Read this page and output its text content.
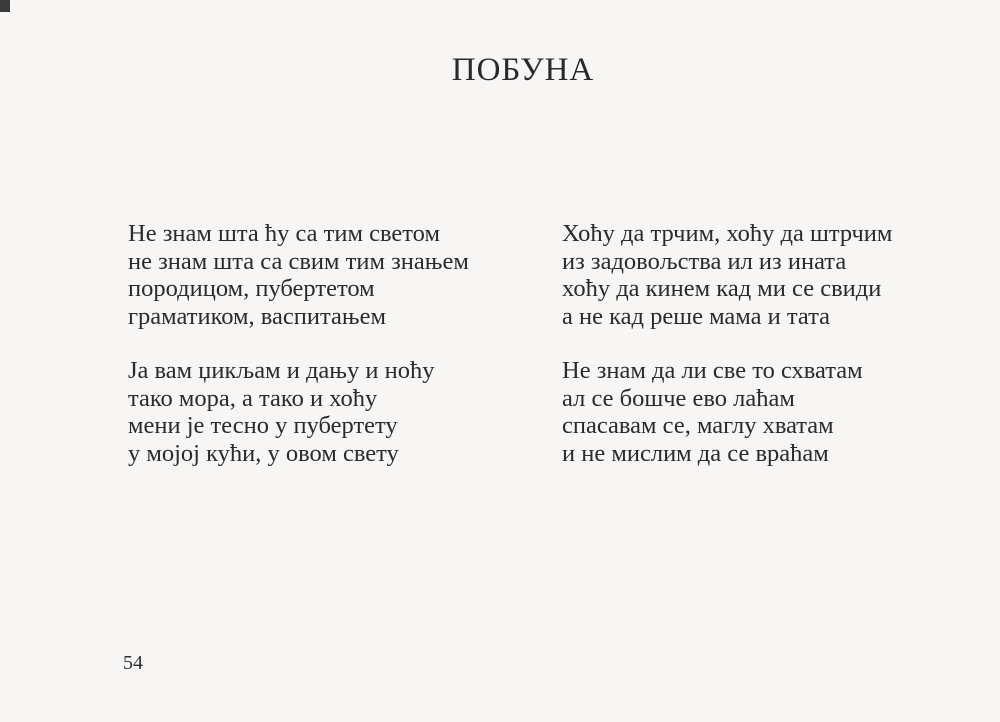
ПОБУНА

Не знам шта ћу са тим светом
не знам шта са свим тим знањем
породицом, пубертетом
граматиком, васпитањем

Ја вам џикљам и дању и ноћу
тако мора, а тако и хоћу
мени је тесно у пубертету
у мојој кући, у овом свету

Хоћу да трчим, хоћу да штрчим
из задовољства ил из ината
хоћу да кинем кад ми се свиди
а не кад реше мама и тата

Не знам да ли све то схватам
ал се бошче ево лаћам
спасавам се, маглу хватам
и не мислим да се враћам

54
